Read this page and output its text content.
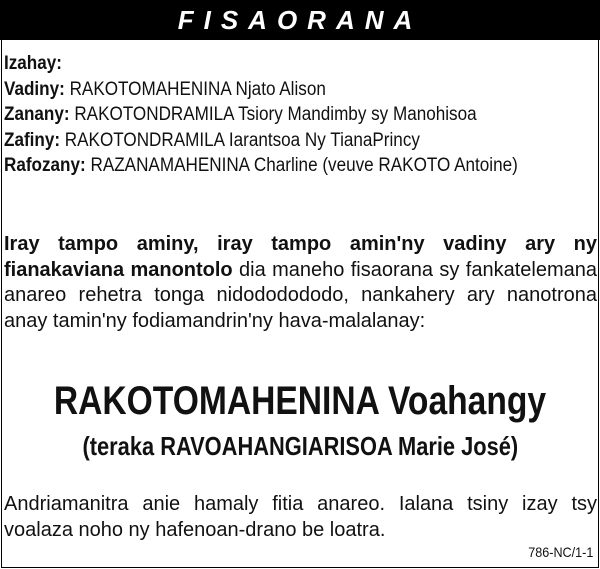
FISAORANA
Izahay:
Vadiny: RAKOTOMAHENINA Njato Alison
Zanany: RAKOTONDRAMILA Tsiory Mandimby sy Manohisoa
Zafiny: RAKOTONDRAMILA Iarantsoa Ny TianaPrincy
Rafozany: RAZANAMAHENINA Charline (veuve RAKOTO Antoine)
Iray tampo aminy, iray tampo amin'ny vadiny ary ny fianakaviana manontolo dia maneho fisaorana sy fankatelemana anareo rehetra tonga nidododododo, nankahery ary nanotrona anay tamin'ny fodiamandrin'ny hava-malalanay:
RAKOTOMAHENINA Voahangy
(teraka RAVOAHANGIARISOA Marie José)
Andriamanitra anie hamaly fitia anareo. Ialana tsiny izay tsy voalaza noho ny hafenoan-drano be loatra.
786-NC/1-1
